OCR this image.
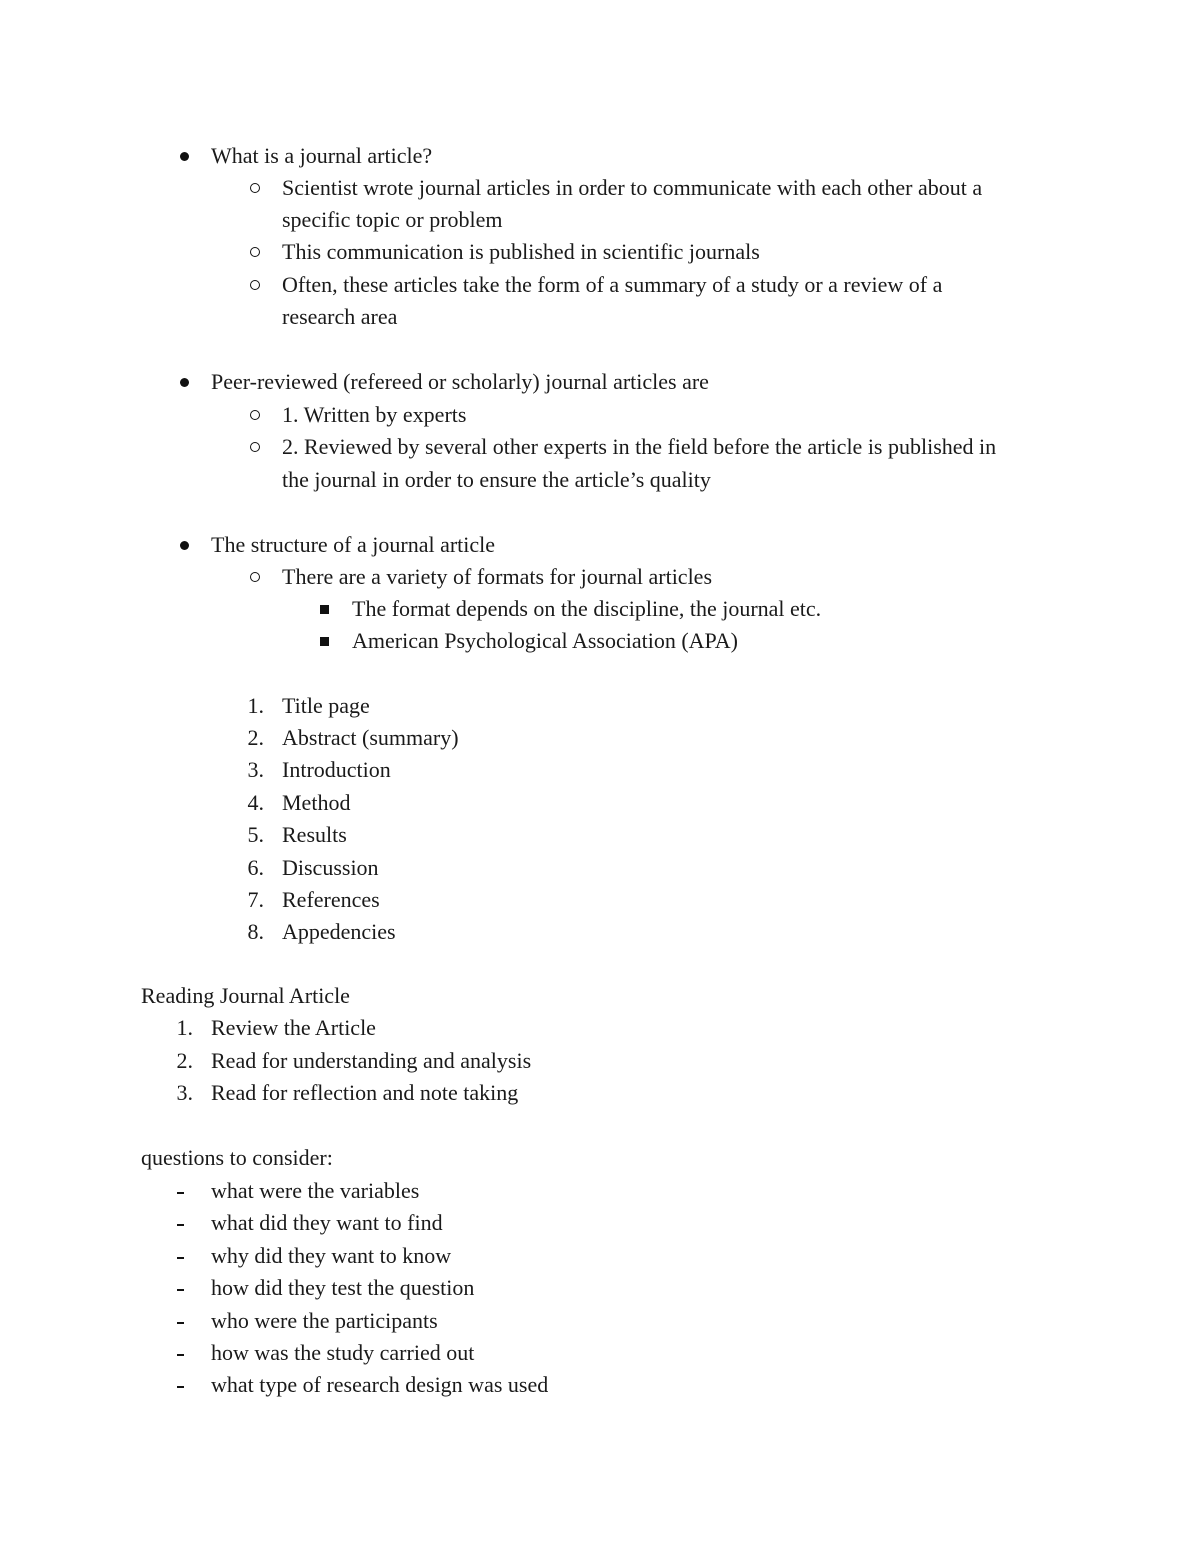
What is a journal article?
Scientist wrote journal articles in order to communicate with each other about a
specific topic or problem
This communication is published in scientific journals
Often, these articles take the form of a summary of a study or a review of a
research area
Peer-reviewed (refereed or scholarly) journal articles are
1. Written by experts
2. Reviewed by several other experts in the field before the article is published in
the journal in order to ensure the article’s quality
The structure of a journal article
There are a variety of formats for journal articles
The format depends on the discipline, the journal etc.
American Psychological Association (APA)
1. Title page
2. Abstract (summary)
3. Introduction
4. Method
5. Results
6. Discussion
7. References
8. Appedencies
Reading Journal Article
1. Review the Article
2. Read for understanding and analysis
3. Read for reflection and note taking
questions to consider:
what were the variables
what did they want to find
why did they want to know
how did they test the question
who were the participants
how was the study carried out
what type of research design was used
